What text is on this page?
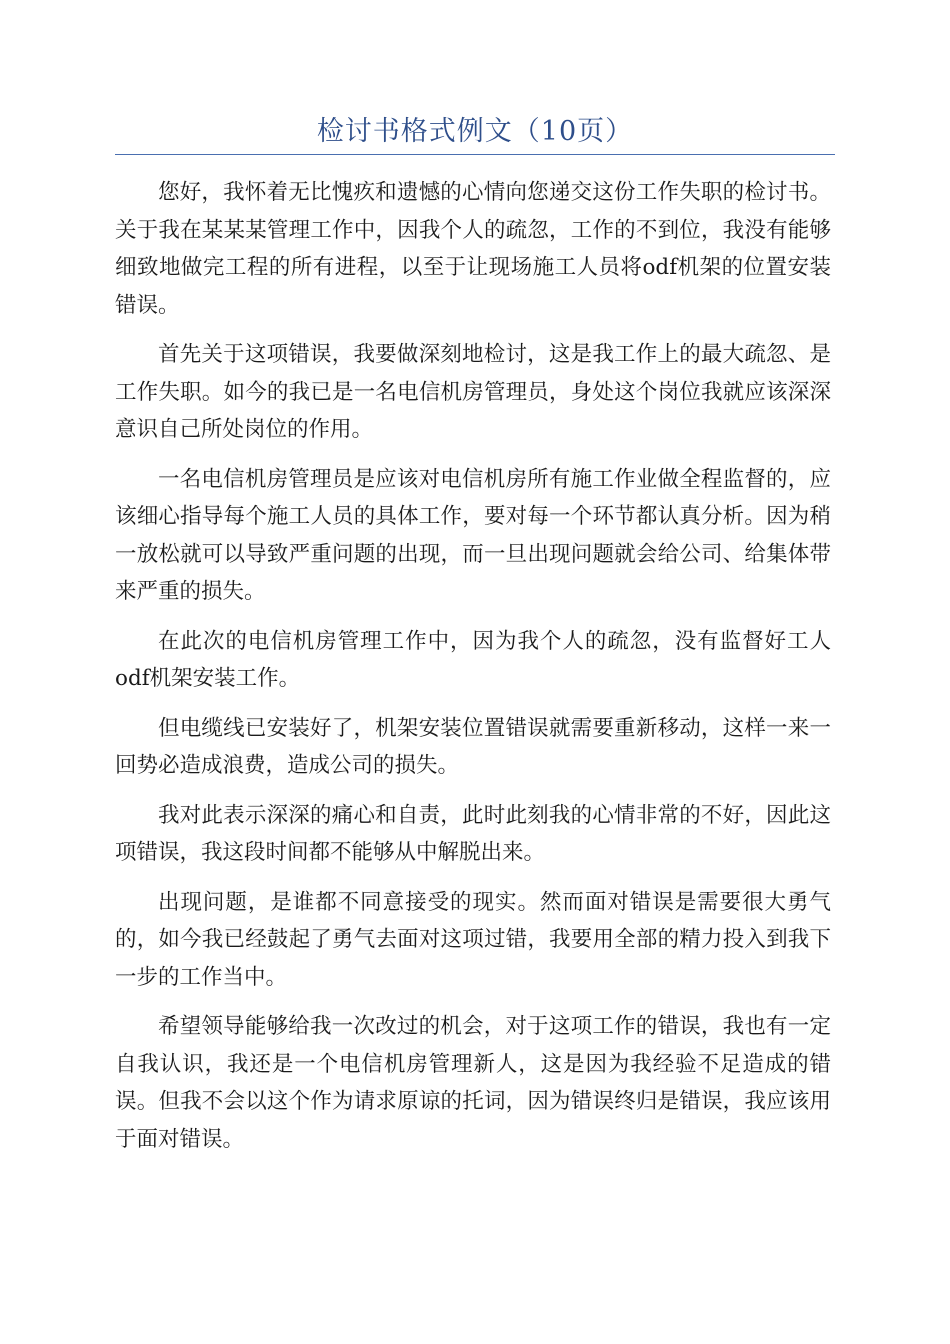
检讨书格式例文（10页）

您好，我怀着无比愧疚和遗憾的心情向您递交这份工作失职的检讨书。关于我在某某某管理工作中，因我个人的疏忽，工作的不到位，我没有能够细致地做完工程的所有进程，以至于让现场施工人员将odf机架的位置安装错误。

首先关于这项错误，我要做深刻地检讨，这是我工作上的最大疏忽、是工作失职。如今的我已是一名电信机房管理员，身处这个岗位我就应该深深意识自己所处岗位的作用。

一名电信机房管理员是应该对电信机房所有施工作业做全程监督的，应该细心指导每个施工人员的具体工作，要对每一个环节都认真分析。因为稍一放松就可以导致严重问题的出现，而一旦出现问题就会给公司、给集体带来严重的损失。

在此次的电信机房管理工作中，因为我个人的疏忽，没有监督好工人odf机架安装工作。

但电缆线已安装好了，机架安装位置错误就需要重新移动，这样一来一回势必造成浪费，造成公司的损失。

我对此表示深深的痛心和自责，此时此刻我的心情非常的不好，因此这项错误，我这段时间都不能够从中解脱出来。

出现问题，是谁都不同意接受的现实。然而面对错误是需要很大勇气的，如今我已经鼓起了勇气去面对这项过错，我要用全部的精力投入到我下一步的工作当中。

希望领导能够给我一次改过的机会，对于这项工作的错误，我也有一定自我认识，我还是一个电信机房管理新人，这是因为我经验不足造成的错误。但我不会以这个作为请求原谅的托词，因为错误终归是错误，我应该用于面对错误。
